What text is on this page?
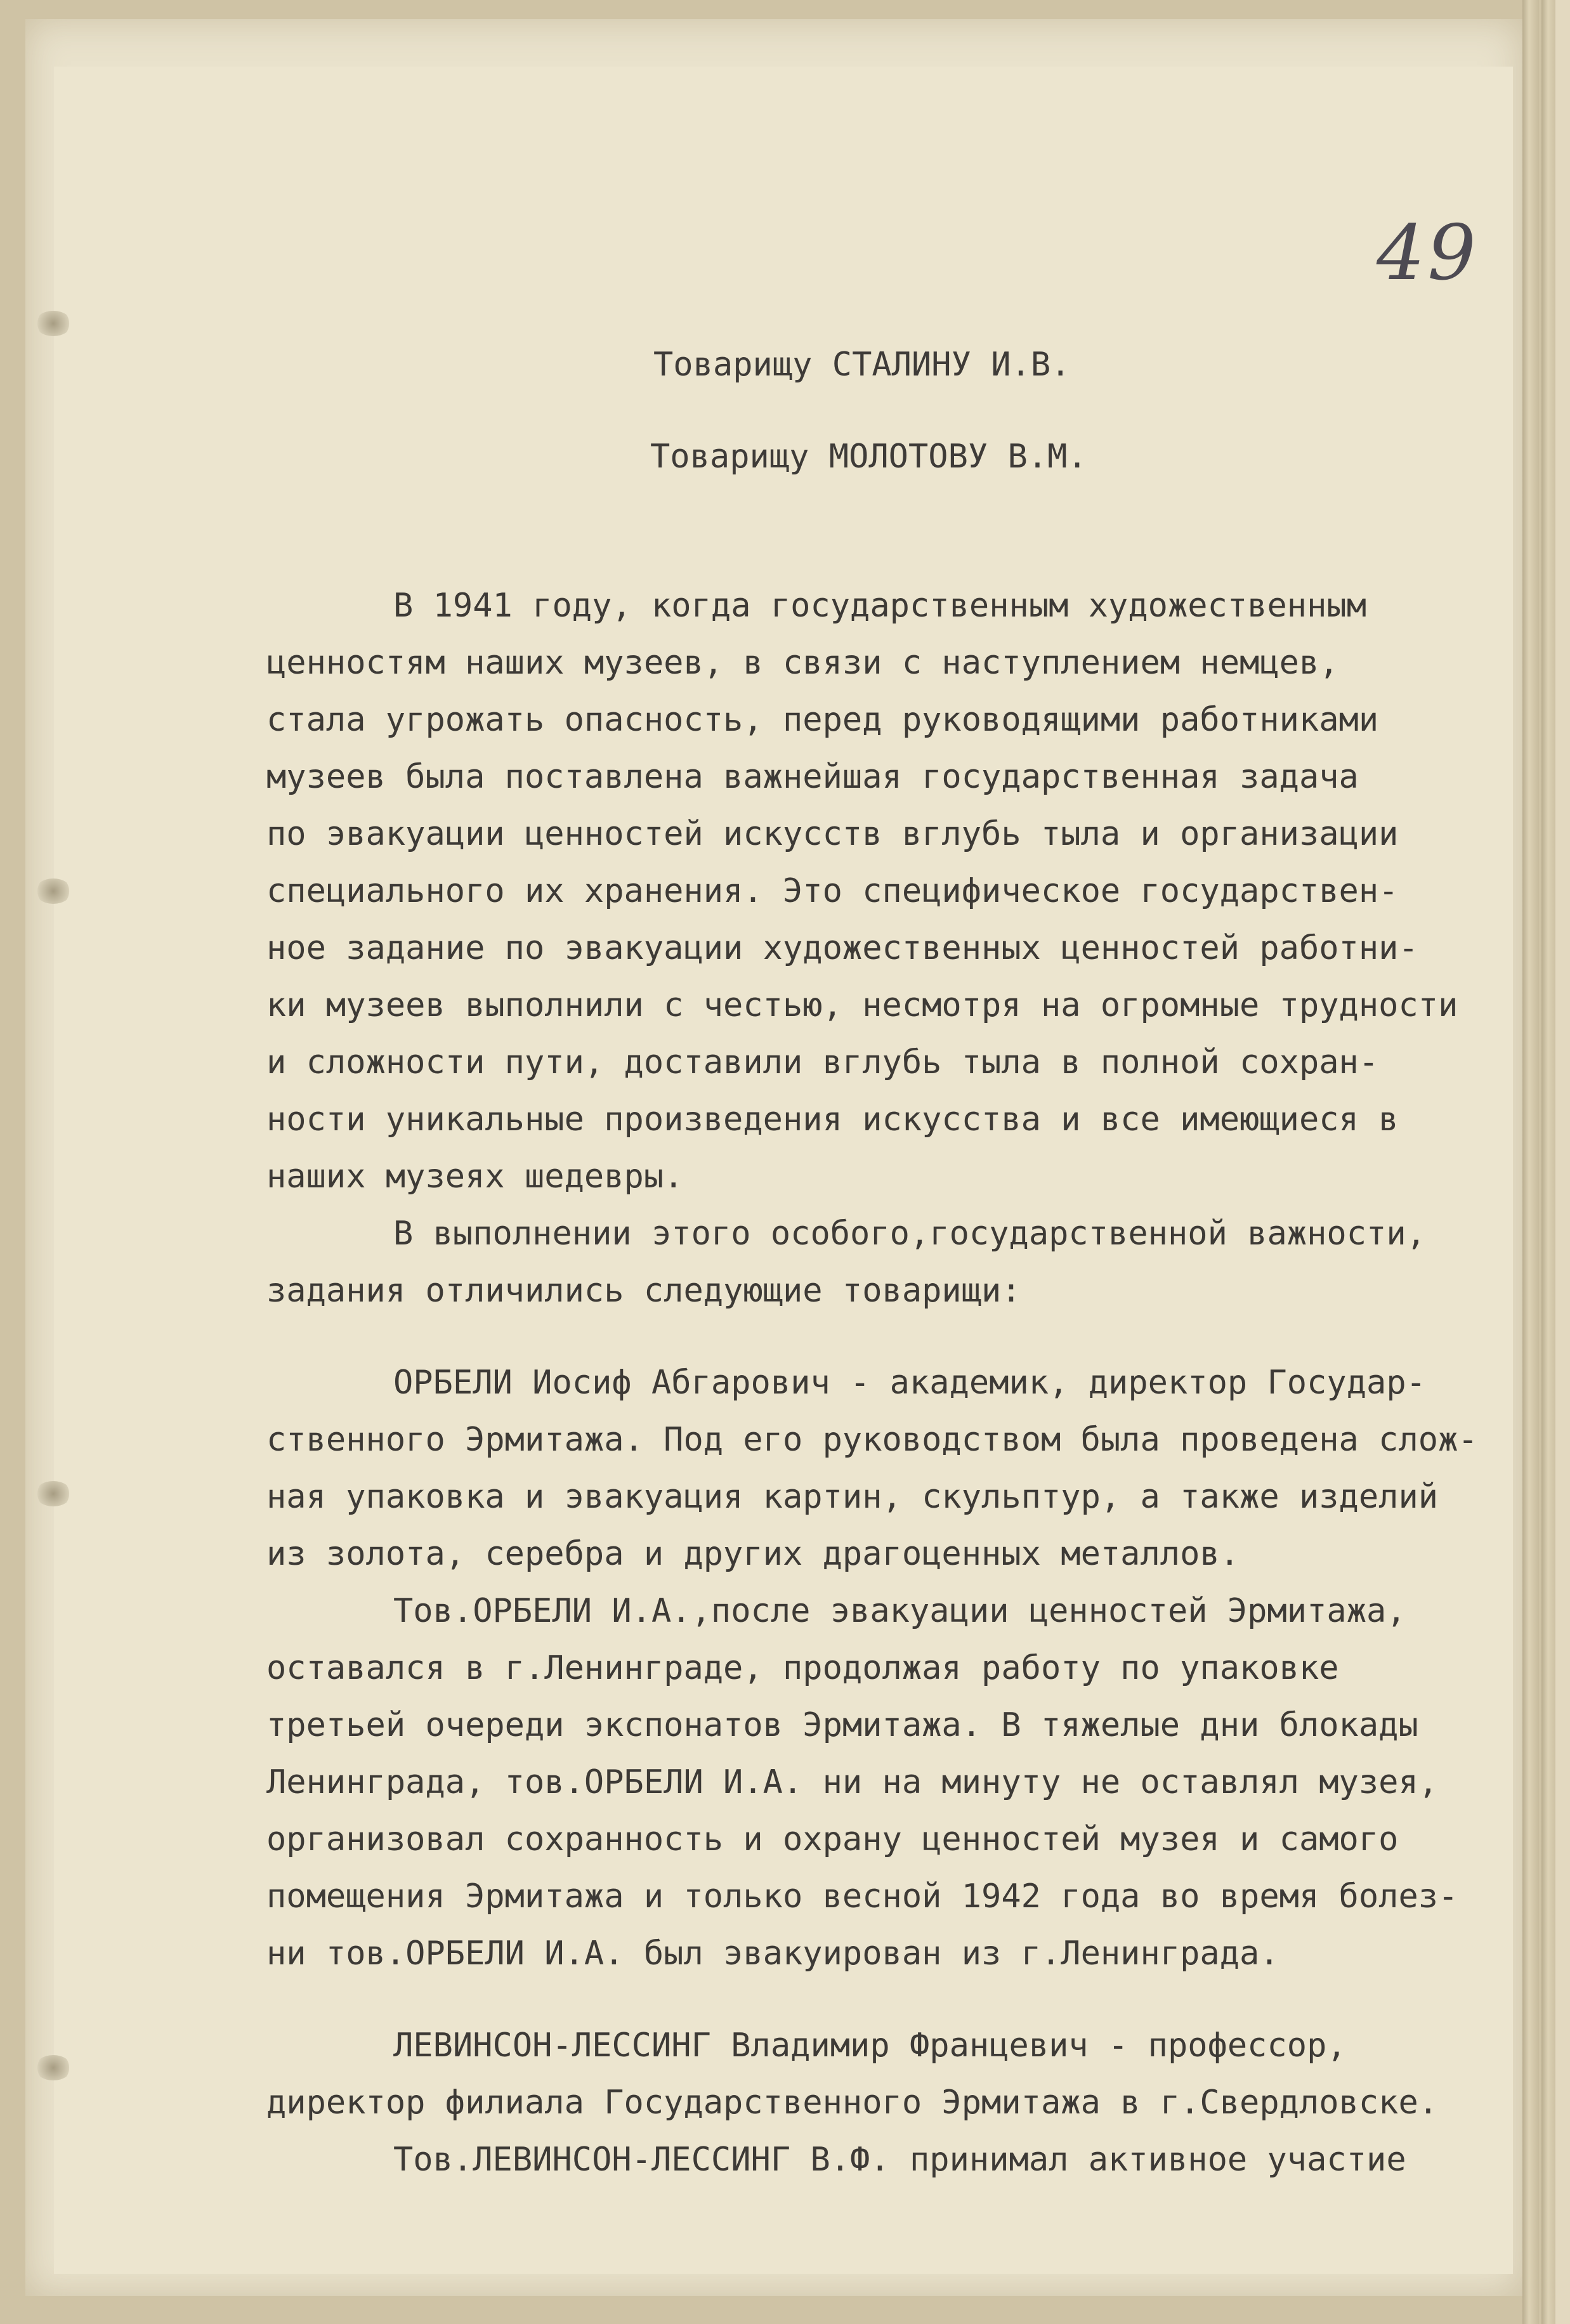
49
Товарищу СТАЛИНУ И.В.
Товарищу МОЛОТОВУ В.М.
В 1941 году, когда государственным художественным
ценностям наших музеев, в связи с наступлением немцев,
стала угрожать опасность, перед руководящими работниками
музеев была поставлена важнейшая государственная задача
по эвакуации ценностей искусств вглубь тыла и организации
специального их хранения. Это специфическое государствен-
ное задание по эвакуации художественных ценностей работни-
ки музеев выполнили с честью, несмотря на огромные трудности
и сложности пути, доставили вглубь тыла в полной сохран-
ности уникальные произведения искусства и все имеющиеся в
наших музеях шедевры.
В выполнении этого особого,государственной важности,
задания отличились следующие товарищи:
ОРБЕЛИ Иосиф Абгарович - академик, директор Государ-
ственного Эрмитажа. Под его руководством была проведена слож-
ная упаковка и эвакуация картин, скульптур, а также изделий
из золота, серебра и других драгоценных металлов.
Тов.ОРБЕЛИ И.А.,после эвакуации ценностей Эрмитажа,
оставался в г.Ленинграде, продолжая работу по упаковке
третьей очереди экспонатов Эрмитажа. В тяжелые дни блокады
Ленинграда, тов.ОРБЕЛИ И.А. ни на минуту не оставлял музея,
организовал сохранность и охрану ценностей музея и самого
помещения Эрмитажа и только весной 1942 года во время болез-
ни тов.ОРБЕЛИ И.А. был эвакуирован из г.Ленинграда.
ЛЕВИНСОН-ЛЕССИНГ Владимир Францевич - профессор,
директор филиала Государственного Эрмитажа в г.Свердловске.
Тов.ЛЕВИНСОН-ЛЕССИНГ В.Ф. принимал активное участие
